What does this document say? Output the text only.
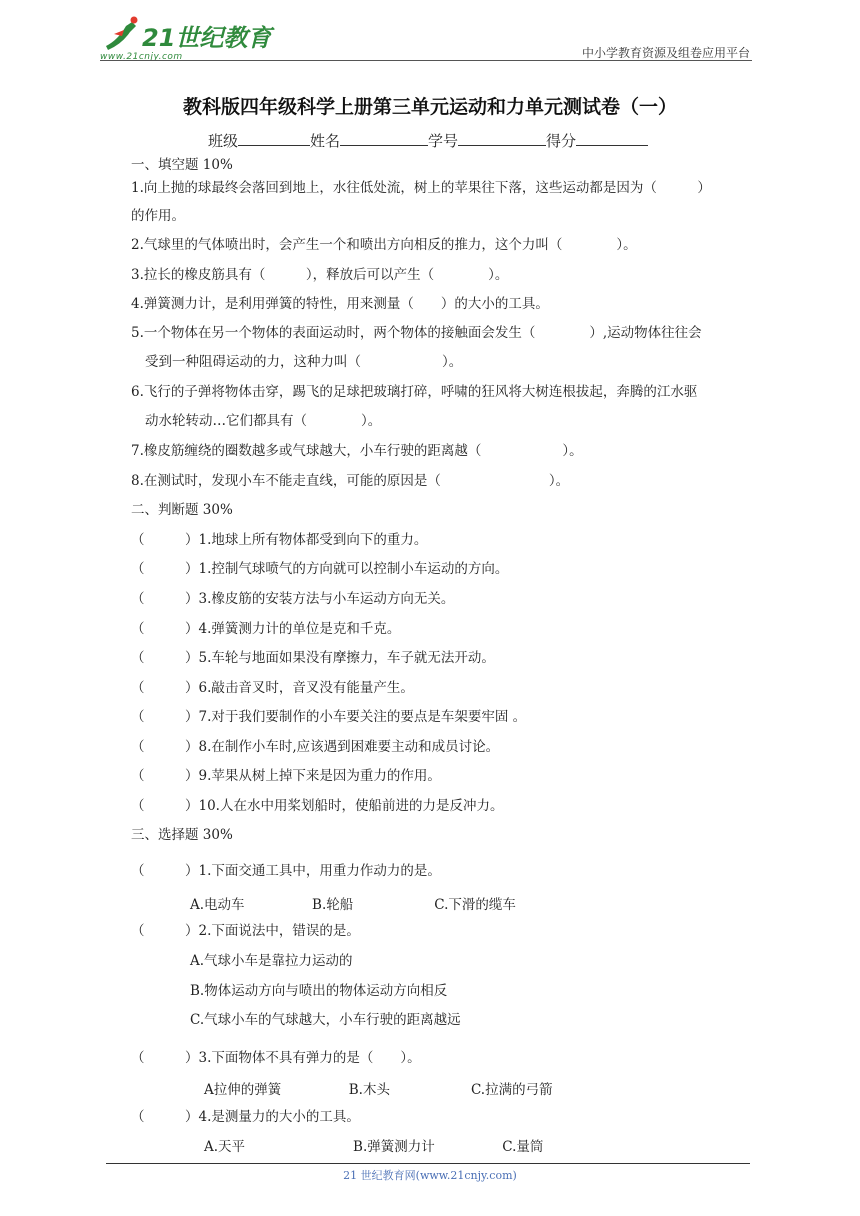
21世纪教育
www.21cnjy.com	中小学教育资源及组卷应用平台
教科版四年级科学上册第三单元运动和力单元测试卷（一）
班级	姓名	学号	得分
一、填空题 10%
1.向上抛的球最终会落回到地上，水往低处流，树上的苹果往下落，这些运动都是因为（　　　）
的作用。
2.气球里的气体喷出时，会产生一个和喷出方向相反的推力，这个力叫（　　　　）。
3.拉长的橡皮筋具有（　　　），释放后可以产生（　　　　）。
4.弹簧测力计，是利用弹簧的特性，用来测量（　　）的大小的工具。
5.一个物体在另一个物体的表面运动时，两个物体的接触面会发生（　　　　）,运动物体往往会
受到一种阻碍运动的力，这种力叫（　　　　　　）。
6.飞行的子弹将物体击穿，踢飞的足球把玻璃打碎，呼啸的狂风将大树连根拔起，奔腾的江水驱
动水轮转动…它们都具有（　　　　）。
7.橡皮筋缠绕的圈数越多或气球越大，小车行驶的距离越（　　　　　　）。
8.在测试时，发现小车不能走直线，可能的原因是（　　　　　　　　）。
二、判断题 30%
（　　　）1.地球上所有物体都受到向下的重力。
（　　　）1.控制气球喷气的方向就可以控制小车运动的方向。
（　　　）3.橡皮筋的安装方法与小车运动方向无关。
（　　　）4.弹簧测力计的单位是克和千克。
（　　　）5.车轮与地面如果没有摩擦力，车子就无法开动。
（　　　）6.敲击音叉时，音叉没有能量产生。
（　　　）7.对于我们要制作的小车要关注的要点是车架要牢固 。
（　　　）8.在制作小车时,应该遇到困难要主动和成员讨论。
（　　　）9.苹果从树上掉下来是因为重力的作用。
（　　　）10.人在水中用桨划船时，使船前进的力是反冲力。
三、选择题 30%
（　　　）1.下面交通工具中，用重力作动力的是。
A.电动车　　　　　B.轮船　　　　　　C.下滑的缆车
（　　　）2.下面说法中，错误的是。
A.气球小车是靠拉力运动的
B.物体运动方向与喷出的物体运动方向相反
C.气球小车的气球越大，小车行驶的距离越远
（　　　）3.下面物体不具有弹力的是（　　）。
A拉伸的弹簧　　　　　B.木头　　　　　　C.拉满的弓箭
（　　　）4.是测量力的大小的工具。
A.天平　　　　　　　　B.弹簧测力计　　　　　C.量筒
21 世纪教育网(www.21cnjy.com)
